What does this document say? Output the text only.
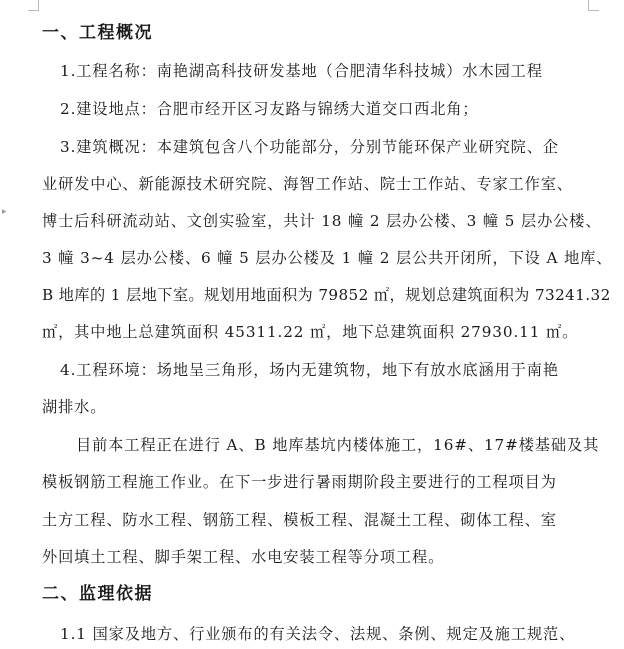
▸
一、工程概况
1.工程名称：南艳湖高科技研发基地（合肥清华科技城）水木园工程
2.建设地点：合肥市经开区习友路与锦绣大道交口西北角；
3.建筑概况：本建筑包含八个功能部分，分别节能环保产业研究院、企
业研发中心、新能源技术研究院、海智工作站、院士工作站、专家工作室、
博士后科研流动站、文创实验室，共计 18 幢 2 层办公楼、3 幢 5 层办公楼、
3 幢 3~4 层办公楼、6 幢 5 层办公楼及 1 幢 2 层公共开闭所，下设 A 地库、
B 地库的 1 层地下室。规划用地面积为 79852 ㎡，规划总建筑面积为 73241.32
㎡，其中地上总建筑面积 45311.22 ㎡，地下总建筑面积 27930.11 ㎡。
4.工程环境：场地呈三角形，场内无建筑物，地下有放水底涵用于南艳
湖排水。
目前本工程正在进行 A、B 地库基坑内楼体施工，16#、17#楼基础及其
模板钢筋工程施工作业。在下一步进行暑雨期阶段主要进行的工程项目为
土方工程、防水工程、钢筋工程、模板工程、混凝土工程、砌体工程、室
外回填土工程、脚手架工程、水电安装工程等分项工程。
二、监理依据
1.1 国家及地方、行业颁布的有关法令、法规、条例、规定及施工规范、
